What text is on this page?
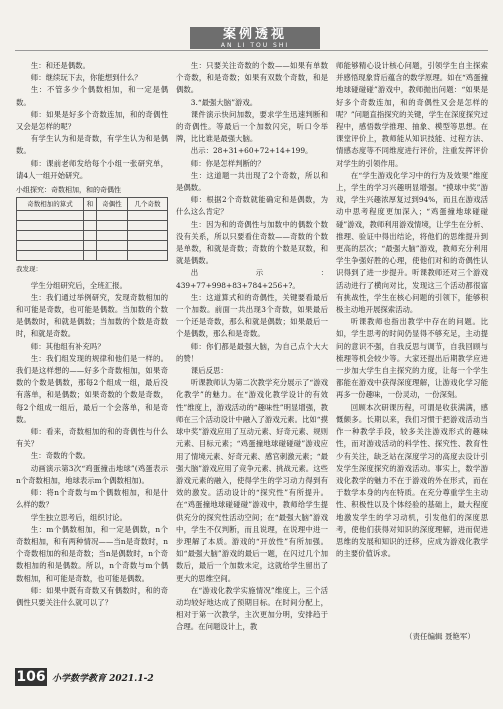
案例透视
AN LI TOU SHI

生：和还是偶数。

师：继续玩下去，你能想到什么？

生：不管多少个偶数相加，和一定是偶数。

师：如果是好多个奇数连加，和的奇偶性又会是怎样的呢？

有学生认为和是奇数，有学生认为和是偶数。

师：课前老师发给每个小组一张研究单，请4人一组开始研究。

小组探究：奇数相加，和的奇偶性
奇数相加的算式	和	奇偶性	几个奇数

我发现：

学生分组研究后，全班汇报。

生：我们通过举例研究，发现奇数相加的和可能是奇数，也可能是偶数。当加数的个数是偶数时，和就是偶数；当加数的个数是奇数时，和就是奇数。

师：其他组有补充吗？

生：我们组发现的规律和他们是一样的。我们是这样想的——好多个奇数相加，如果奇数的个数是偶数，那每2个组成一组，最后没有落单，和是偶数；如果奇数的个数是奇数，每2个组成一组后，最后一个会落单，和是奇数。

师：看来，奇数相加的和的奇偶性与什么有关？

生：奇数的个数。

动画演示第3次“鸡蛋撞击地球”(鸡蛋表示n个奇数相加，地球表示m个偶数相加)。

师：将n个奇数与m个偶数相加，和是什么样的数？

学生独立思考后，组织讨论。

生：m个偶数相加，和一定是偶数，n个奇数相加，和有两种情况——当n是奇数时，n个奇数相加的和是奇数；当n是偶数时，n个奇数相加的和是偶数。所以，n个奇数与m个偶数相加，和可能是奇数，也可能是偶数。

师：如果中既有奇数又有偶数时，和的奇偶性只要关注什么就可以了？

生：只要关注奇数的个数——如果有单数个奇数，和是奇数；如果有双数个奇数，和是偶数。

3.“最强大脑”游戏。

课件演示快问加数，要求学生迅速判断和的奇偶性。等最后一个加数闪完，听口令举牌，比比谁是最强大脑。

出示：28+31+60+72+14+199。

师：你是怎样判断的？

生：这道题一共出现了2个奇数，所以和是偶数。

师：根据2个奇数就能确定和是偶数，为什么这么肯定？

生：因为和的奇偶性与加数中的偶数个数没有关系，所以只要看住奇数——奇数的个数是单数，和就是奇数；奇数的个数是双数，和就是偶数。

出示：439+77+998+83+784+256+?。

生：这道算式和的奇偶性，关键要看最后一个加数。前面一共出现3个奇数，如果最后一个还是奇数，那么和就是偶数；如果最后一个是偶数，那么和是奇数。

师：你们都是最强大脑，为自己点个大大的赞！

课后反思：

听课教师认为第二次教学充分展示了“游戏化教学”的魅力。在“游戏化教学设计的有效性”维度上，游戏活动的“趣味性”明显增强，教师在三个活动设计中融入了游戏元素。比如“摸球中奖”游戏应用了互动元素、好奇元素、规则元素、目标元素；“鸡蛋撞地球碰碰碰”游戏应用了情境元素、好奇元素、感官刺激元素；“最强大脑”游戏应用了竞争元素、挑战元素。这些游戏元素的融入，使得学生的学习动力得到有效的激发。活动设计的“探究性”有所提升。在“鸡蛋撞地球碰碰碰”游戏中，教师给学生提供充分的探究性活动空间；在“最强大脑”游戏中，学生不仅判断，而且说理，在说理中进一步理解了本质。游戏的“开放性”有所加强。如“最强大脑”游戏的最后一题，在闪过几个加数后，最后一个加数未定，这就给学生留出了更大的思维空间。

在“游戏化教学实施情况”维度上，三个活动均较好地达成了预期目标。在时间分配上，相对于第一次教学，主次更加分明，安排趋于合理。在问题设计上，教

师能够精心设计核心问题，引领学生自主探索并感悟现象背后蕴含的数学原理。如在“鸡蛋撞地球碰碰碰”游戏中，教师抛出问题：“如果是好多个奇数连加，和的奇偶性又会是怎样的呢？”问题直指探究的关键，学生在深度探究过程中，感悟数学推理、抽象、模型等思想。在课堂评价上，教师能从知识技能、过程方法、情感态度等不同维度进行评价，注重发挥评价对学生的引领作用。

在“学生游戏化学习中的行为及效果”维度上，学生的学习兴趣明显增强。“摸球中奖”游戏，学生兴趣浓厚复过到94%，而且在游戏活动中思考程度更加深入；“鸡蛋撞地球碰碰碰”游戏，教师利用游戏情境，让学生在分析、推理、验证中得出结论，将他们的思维提升到更高的层次；“最强大脑”游戏，教师充分利用学生争强好胜的心理，使他们对和的奇偶性认识得到了进一步提升。听课教师还对三个游戏活动进行了横向对比，发现这三个活动都很富有挑战性，学生在核心问题的引领下，能够积极主动地开展探索活动。

听课教师也指出教学中存在的问题。比如，学生思考的时间仍显得不够充足，主动提问的意识不强，自我反思与调节，自我回顾与梳理等机会较少等。大家还提出后期教学应进一步加大学生自主探究的力度，让每一个学生都能在游戏中获得深度理解，让游戏化学习能再多一份趣味，一份灵动，一份深刻。

回顾本次研课历程，可谓是收获满满，感慨颇多。长期以来，我们习惯于把游戏活动当作一种教学手段，较多关注游戏形式的趣味性，而对游戏活动的科学性、探究性、教育性少有关注，缺乏站在深度学习的高度去设计引发学生深度探究的游戏活动。事实上，数学游戏化教学的魅力不在于游戏的外在形式，而在于数学本身的内在特质。在充分尊重学生主动性、积极性以及个体经验的基础上，最大程度地激发学生的学习动机，引发他们的深度思考，使他们获得对知识的深度理解，进而促进思维的发展和知识的迁移，应成为游戏化教学的主要价值诉求。

（责任编辑 聂艳军）
106 小学数学教育 2021.1-2
